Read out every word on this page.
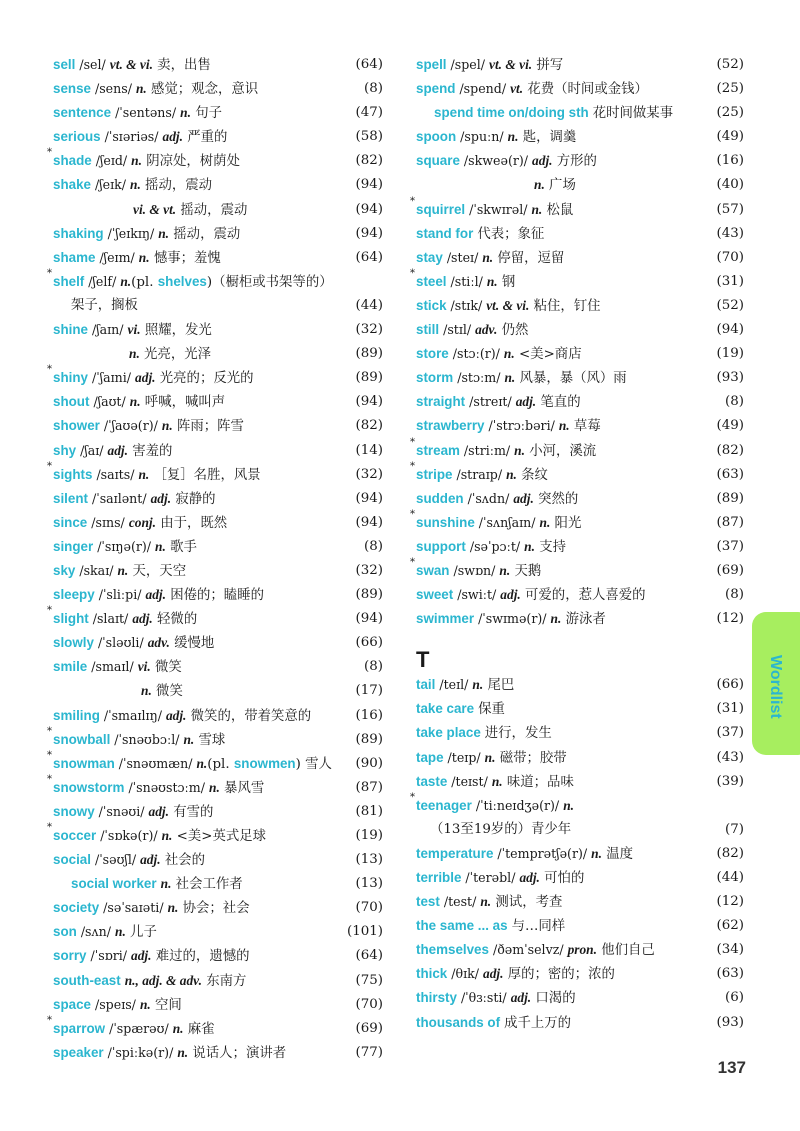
sell /sel/ vt. & vi. 卖，出售	(64)
sense /sens/ n. 感觉；观念，意识	(8)
sentence /ˈsentəns/ n. 句子	(47)
serious /ˈsɪəriəs/ adj. 严重的	(58)
*
shade /ʃeɪd/ n. 阴凉处，树荫处	(82)
shake /ʃeɪk/ n. 摇动，震动	(94)
vi. & vt. 摇动，震动	(94)
shaking /ˈʃeɪkɪŋ/ n. 摇动，震动	(94)
shame /ʃeɪm/ n. 憾事；羞愧	(64)
*
shelf /ʃelf/ n.(pl. shelves)（橱柜或书架等的）
架子，搁板	(44)
shine /ʃaɪn/ vi. 照耀，发光	(32)
n. 光亮，光泽	(89)
*
shiny /ˈʃaɪni/ adj. 光亮的；反光的	(89)
shout /ʃaʊt/ n. 呼喊，喊叫声	(94)
shower /ˈʃaʊə(r)/ n. 阵雨；阵雪	(82)
shy /ʃaɪ/ adj. 害羞的	(14)
*
sights /saɪts/ n. ［复］名胜，风景	(32)
silent /ˈsaɪlənt/ adj. 寂静的	(94)
since /sɪns/ conj. 由于，既然	(94)
singer /ˈsɪŋə(r)/ n. 歌手	(8)
sky /skaɪ/ n. 天，天空	(32)
sleepy /ˈsliːpi/ adj. 困倦的；瞌睡的	(89)
*
slight /slaɪt/ adj. 轻微的	(94)
slowly /ˈsləʊli/ adv. 缓慢地	(66)
smile /smaɪl/ vi. 微笑	(8)
n. 微笑	(17)
smiling /ˈsmaɪlɪŋ/ adj. 微笑的，带着笑意的	(16)
*
snowball /ˈsnəʊbɔːl/ n. 雪球	(89)
*
snowman /ˈsnəʊmæn/ n.(pl. snowmen) 雪人 (90)
*
snowstorm /ˈsnəʊstɔːm/ n. 暴风雪	(87)
snowy /ˈsnəʊi/ adj. 有雪的	(81)
*
soccer /ˈsɒkə(r)/ n. <美>英式足球	(19)
social /ˈsəʊʃl/ adj. 社会的	(13)
social worker n. 社会工作者	(13)
society /səˈsaɪəti/ n. 协会；社会	(70)
son /sʌn/ n. 儿子	(101)
sorry /ˈsɒri/ adj. 难过的，遗憾的	(64)
south-east n., adj. & adv. 东南方	(75)
space /speɪs/ n. 空间	(70)
*
sparrow /ˈspærəʊ/ n. 麻雀	(69)
speaker /ˈspiːkə(r)/ n. 说话人；演讲者	(77)
spell /spel/ vt. & vi. 拼写	(52)
spend /spend/ vt. 花费（时间或金钱）	(25)
spend time on/doing sth 花时间做某事	(25)
spoon /spuːn/ n. 匙，调羹	(49)
square /skweə(r)/ adj. 方形的	(16)
n. 广场	(40)
*
squirrel /ˈskwɪrəl/ n. 松鼠	(57)
stand for 代表；象征	(43)
stay /steɪ/ n. 停留，逗留	(70)
*
steel /stiːl/ n. 钢	(31)
stick /stɪk/ vt. & vi. 粘住，钉住	(52)
still /stɪl/ adv. 仍然	(94)
store /stɔː(r)/ n. <美>商店	(19)
storm /stɔːm/ n. 风暴，暴（风）雨	(93)
straight /streɪt/ adj. 笔直的	(8)
strawberry /ˈstrɔːbəri/ n. 草莓	(49)
*
stream /striːm/ n. 小河，溪流	(82)
*
stripe /straɪp/ n. 条纹	(63)
sudden /ˈsʌdn/ adj. 突然的	(89)
*
sunshine /ˈsʌnʃaɪn/ n. 阳光	(87)
support /səˈpɔːt/ n. 支持	(37)
*
swan /swɒn/ n. 天鹅	(69)
sweet /swiːt/ adj. 可爱的，惹人喜爱的	(8)
swimmer /ˈswɪmə(r)/ n. 游泳者	(12)
T
tail /teɪl/ n. 尾巴	(66)
take care 保重	(31)
take place 进行，发生	(37)
tape /teɪp/ n. 磁带；胶带	(43)
taste /teɪst/ n. 味道；品味	(39)
*
teenager /ˈtiːneɪdʒə(r)/ n.
（13至19岁的）青少年	(7)
temperature /ˈtemprətʃə(r)/ n. 温度	(82)
terrible /ˈterəbl/ adj. 可怕的	(44)
test /test/ n. 测试，考查	(12)
the same ... as 与…同样	(62)
themselves /ðəmˈselvz/ pron. 他们自己	(34)
thick /θɪk/ adj. 厚的；密的；浓的	(63)
thirsty /ˈθɜːsti/ adj. 口渴的	(6)
thousands of 成千上万的	(93)
Wordlist
137
